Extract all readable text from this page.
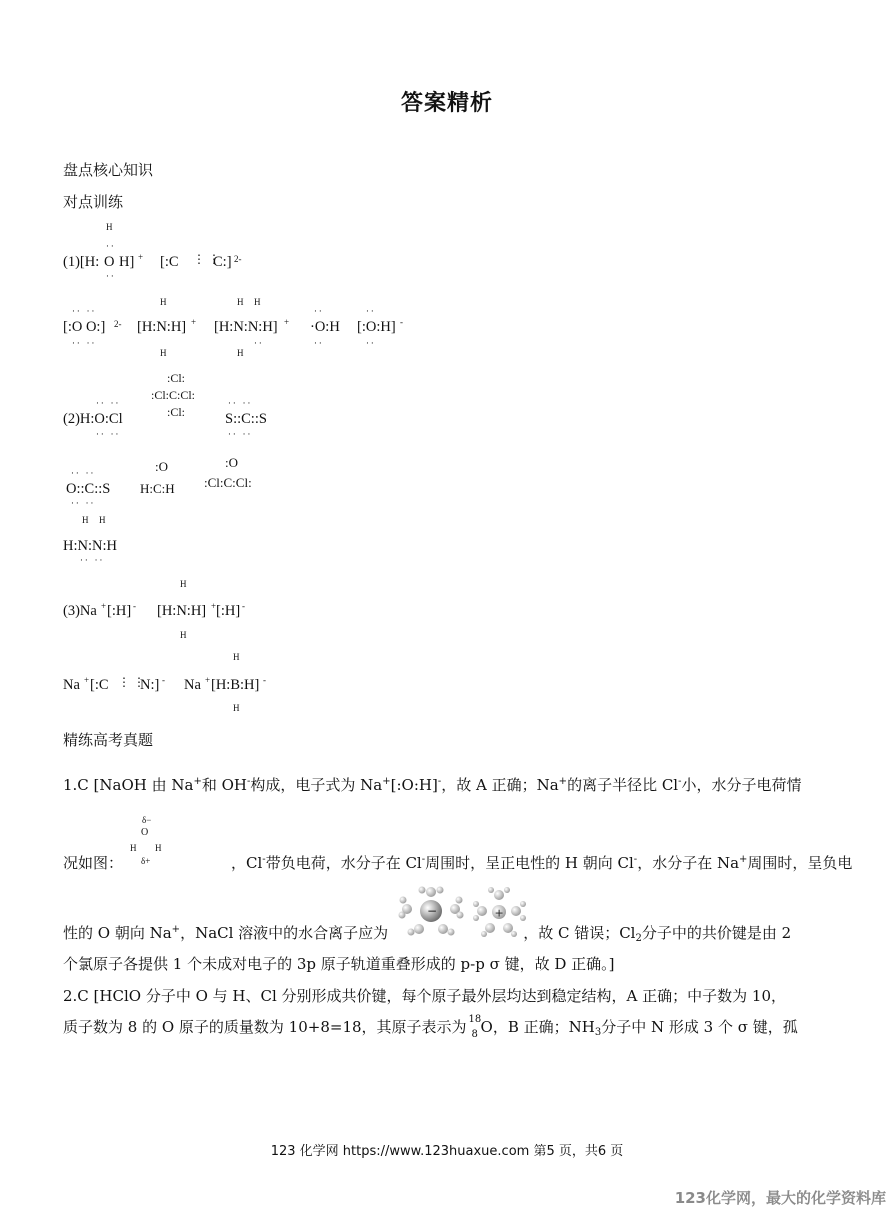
答案精析
盘点核心知识
对点训练
H
(1)[H:
··
O H] +
··
[:C ⋮ ⋮
C:] 2-
·· ··
[:O O:] 2-
·· ··
H
[H:N:H] +
H
H H
[H:N:N:H] +
H
··
··
·O:H
··
··
[:O:H] -
··
·· ··
(2)H:O:Cl
·· ··
:Cl:
:Cl:C:Cl:
:Cl:
·· ··
S::C::S
·· ··
·· ··
O::C::S
·· ··
:O
H:C:H
:O
:Cl:C:Cl:
H H
H:N:N:H
·· ··
(3)Na + [:H] -
H
[H:N:H] +
H
[:H] -
Na + [:C ⋮ ⋮
N:] - Na +
H
[H:B:H] -
H
精练高考真题
1.C [NaOH 由 Na+和 OH-构成，电子式为 Na+[:O:H]-，故 A 正确；Na+的离子半径比 Cl-小，水分子电荷情
δ−
O
H H
δ+
况如图：	，Cl-带负电荷，水分子在 Cl-周围时，呈正电性的 H 朝向 Cl-，水分子在 Na+周围时，呈负电
性的 O 朝向 Na+，NaCl 溶液中的水合离子应为	，故 C 错误；$Cl_2$分子中的共价键是由 2
−	+
个氯原子各提供 1 个未成对电子的 3p 原子轨道重叠形成的 p-p σ 键，故 D 正确。]
2.C [HClO 分子中 O 与 H、Cl 分别形成共价键，每个原子最外层均达到稳定结构，A 正确；中子数为 10，
质子数为 8 的 O 原子的质量数为 10+8=18，其原子表示为 18
8 O，B 正确；$NH_3$分子中 N 形成 3 个 σ 键，孤
123 化学网 https://www.123huaxue.com 第5 页，共6 页
123化学网，最大的化学资料库
